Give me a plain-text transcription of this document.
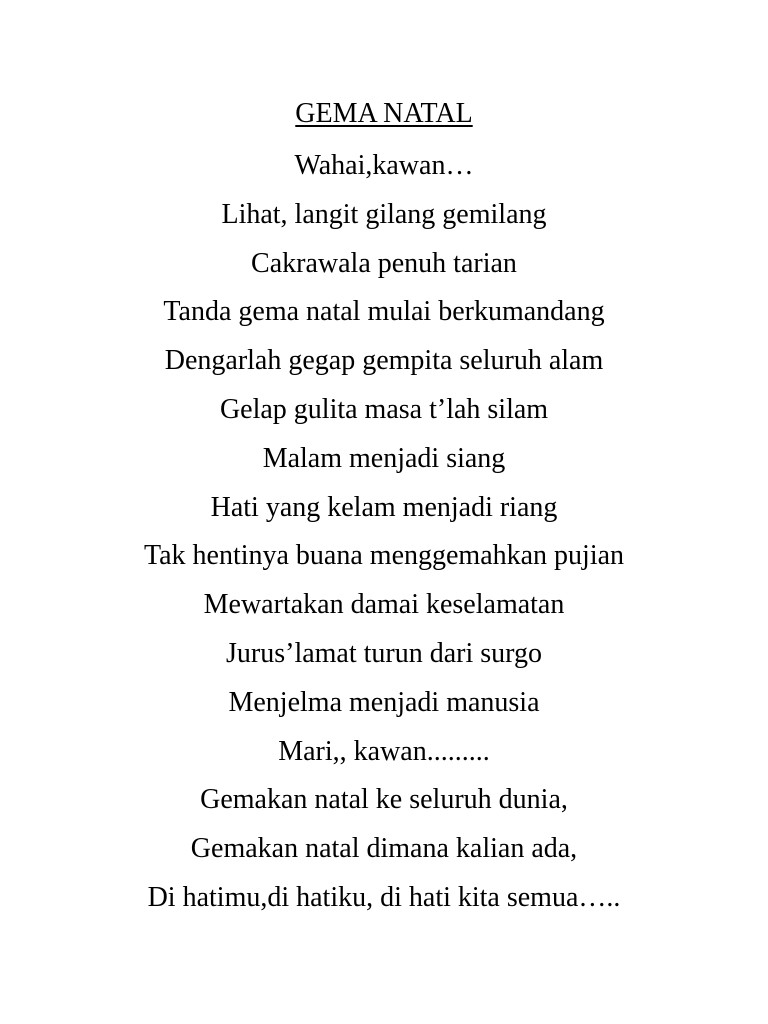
GEMA NATAL
Wahai,kawan…
Lihat, langit gilang gemilang
Cakrawala penuh tarian
Tanda gema natal mulai berkumandang
Dengarlah gegap gempita seluruh alam
Gelap gulita masa t’lah silam
Malam menjadi siang
Hati yang kelam menjadi riang
Tak hentinya buana menggemahkan pujian
Mewartakan damai keselamatan
Jurus’lamat turun dari surgo
Menjelma menjadi manusia
Mari,, kawan.........
Gemakan natal ke seluruh dunia,
Gemakan natal dimana kalian ada,
Di hatimu,di hatiku, di hati kita semua…..
